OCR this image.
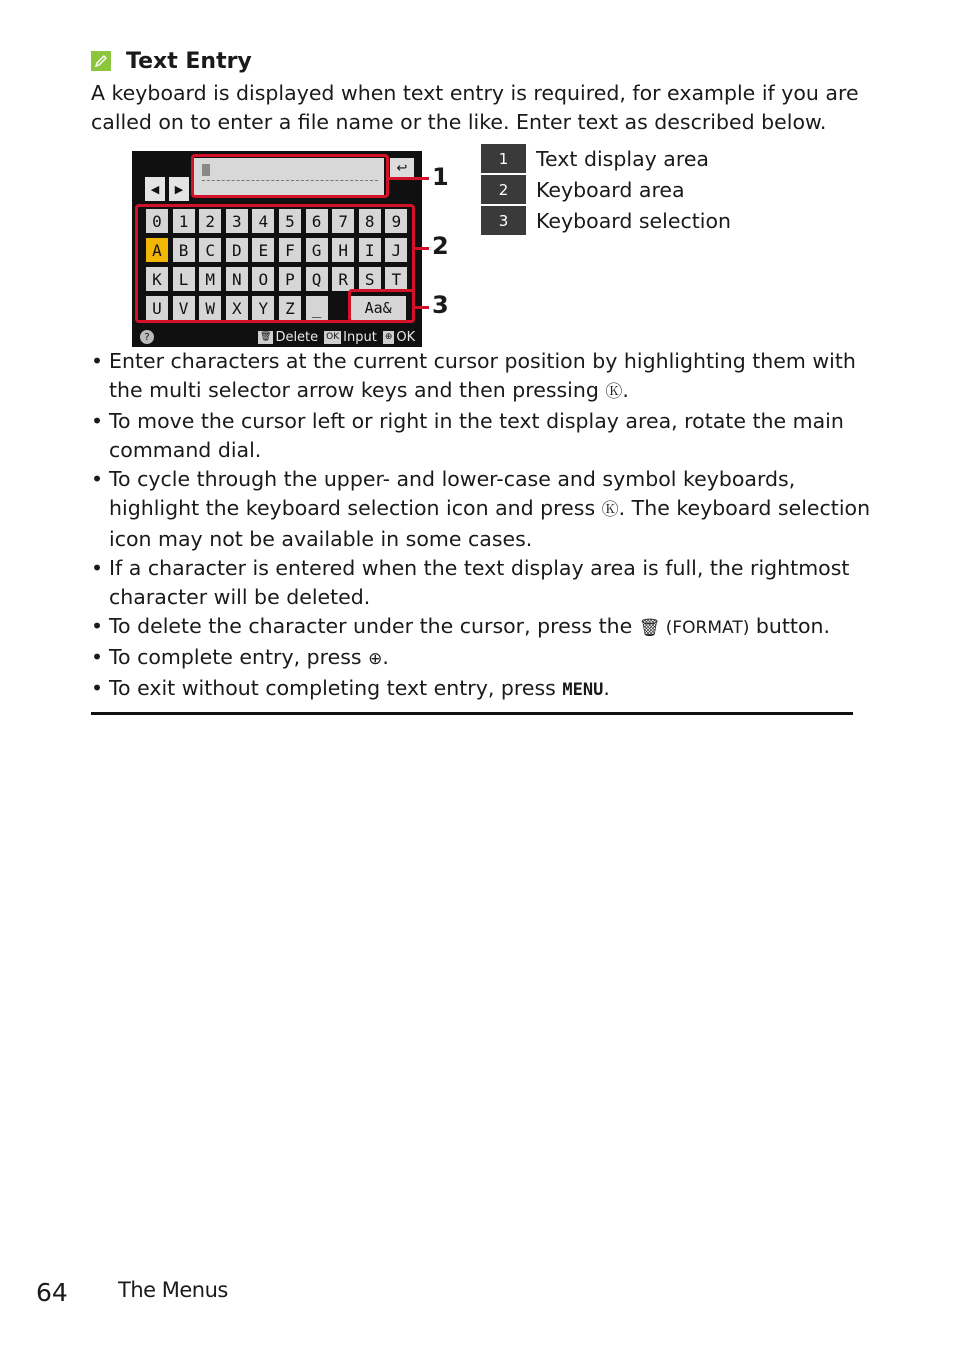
Text Entry
A keyboard is displayed when text entry is required, for example if you are called on to enter a file name or the like. Enter text as described below.
◀	▶
↩
0	1	2	3	4	5	6	7	8	9
A	B	C	D	E	F	G	H	I	J
K	L	M	N	O	P	Q	R	S	T
U	V	W	X	Y	Z	_	Aa&
?	🗑 Delete OK Input ⊕ OK
1
2
3
1	Text display area
2	Keyboard area
3	Keyboard selection
• Enter characters at the current cursor position by highlighting them with the multi selector arrow keys and then pressing Ⓚ.
• To move the cursor left or right in the text display area, rotate the main command dial.
• To cycle through the upper- and lower-case and symbol keyboards, highlight the keyboard selection icon and press Ⓚ. The keyboard selection icon may not be available in some cases.
• If a character is entered when the text display area is full, the rightmost character will be deleted.
• To delete the character under the cursor, press the 🗑 (FORMAT) button.
• To complete entry, press ⊕.
• To exit without completing text entry, press MENU.
64 The Menus
